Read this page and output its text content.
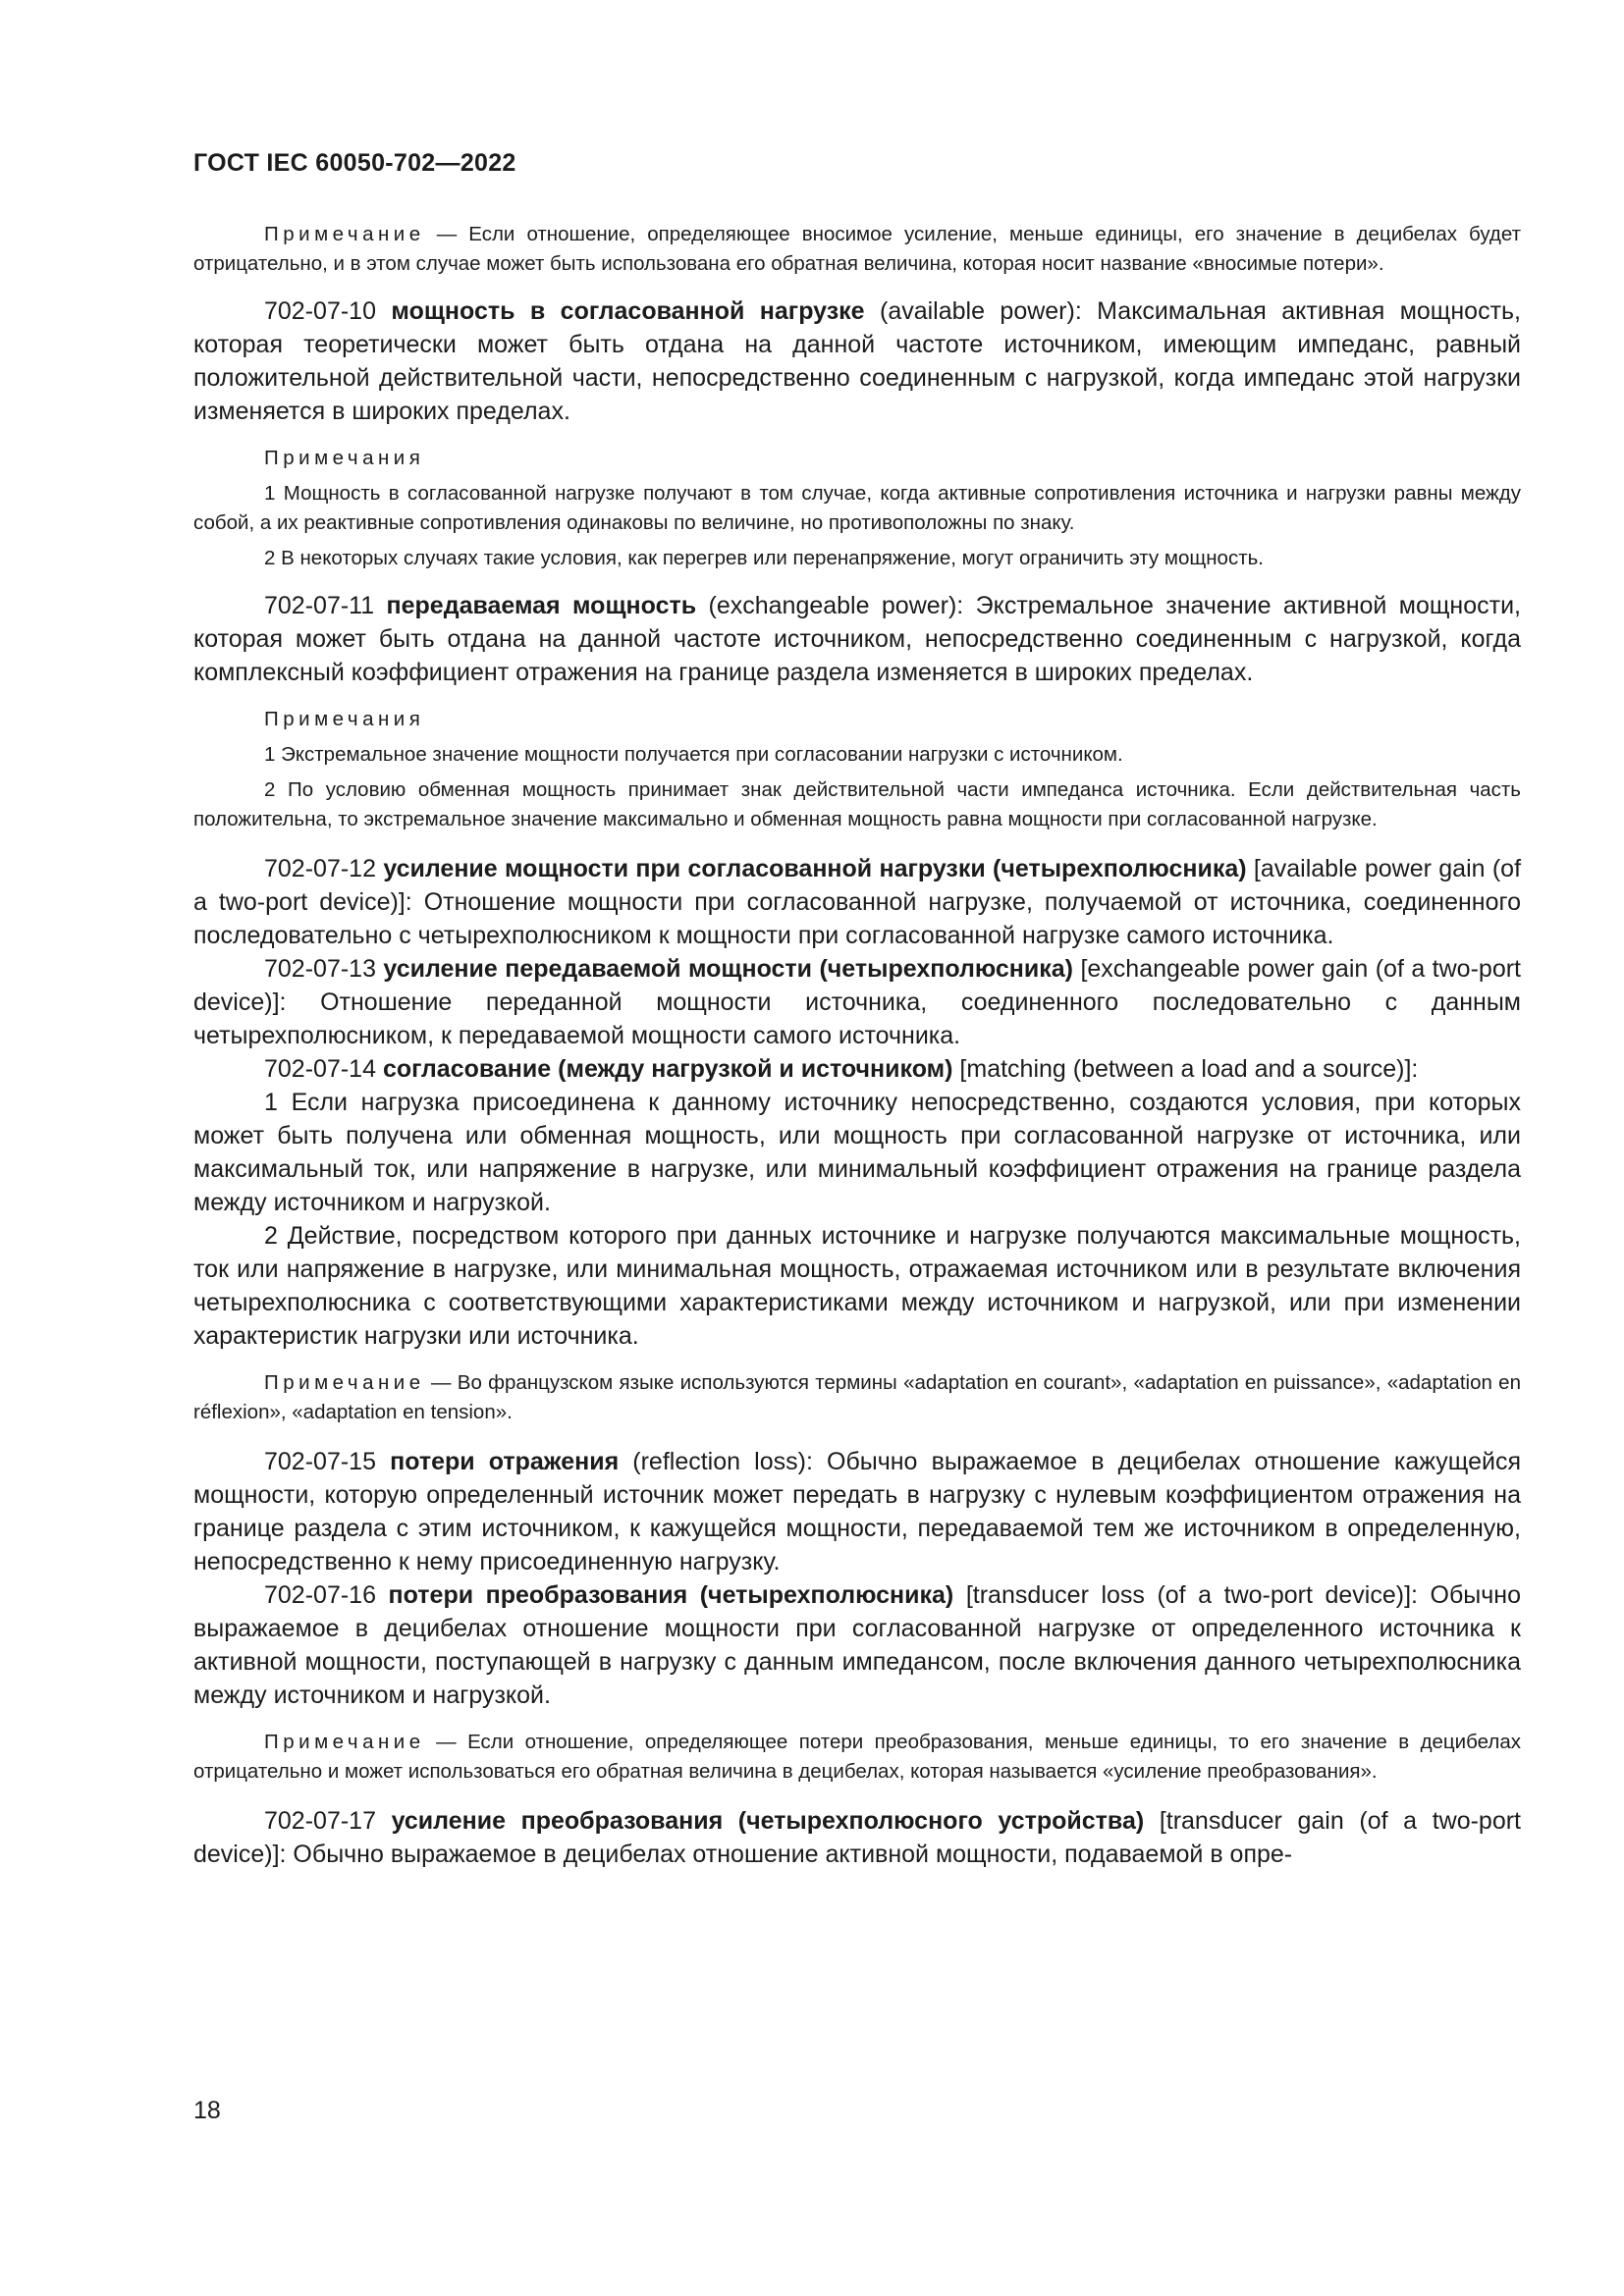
ГОСТ IEC 60050-702—2022

Примечание — Если отношение, определяющее вносимое усиление, меньше единицы, его значение в децибелах будет отрицательно, и в этом случае может быть использована его обратная величина, которая носит название «вносимые потери».

702-07-10 мощность в согласованной нагрузке (available power): Максимальная активная мощность, которая теоретически может быть отдана на данной частоте источником, имеющим импеданс, равный положительной действительной части, непосредственно соединенным с нагрузкой, когда импеданс этой нагрузки изменяется в широких пределах.

Примечания

1 Мощность в согласованной нагрузке получают в том случае, когда активные сопротивления источника и нагрузки равны между собой, а их реактивные сопротивления одинаковы по величине, но противоположны по знаку.

2 В некоторых случаях такие условия, как перегрев или перенапряжение, могут ограничить эту мощность.

702-07-11 передаваемая мощность (exchangeable power): Экстремальное значение активной мощности, которая может быть отдана на данной частоте источником, непосредственно соединенным с нагрузкой, когда комплексный коэффициент отражения на границе раздела изменяется в широких пределах.

Примечания

1 Экстремальное значение мощности получается при согласовании нагрузки с источником.

2 По условию обменная мощность принимает знак действительной части импеданса источника. Если действительная часть положительна, то экстремальное значение максимально и обменная мощность равна мощности при согласованной нагрузке.

702-07-12 усиление мощности при согласованной нагрузки (четырехполюсника) [available power gain (of a two-port device)]: Отношение мощности при согласованной нагрузке, получаемой от источника, соединенного последовательно с четырехполюсником к мощности при согласованной нагрузке самого источника.

702-07-13 усиление передаваемой мощности (четырехполюсника) [exchangeable power gain (of a two-port device)]: Отношение переданной мощности источника, соединенного последовательно с данным четырехполюсником, к передаваемой мощности самого источника.

702-07-14 согласование (между нагрузкой и источником) [matching (between a load and a source)]:

1 Если нагрузка присоединена к данному источнику непосредственно, создаются условия, при которых может быть получена или обменная мощность, или мощность при согласованной нагрузке от источника, или максимальный ток, или напряжение в нагрузке, или минимальный коэффициент отражения на границе раздела между источником и нагрузкой.

2 Действие, посредством которого при данных источнике и нагрузке получаются максимальные мощность, ток или напряжение в нагрузке, или минимальная мощность, отражаемая источником или в результате включения четырехполюсника с соответствующими характеристиками между источником и нагрузкой, или при изменении характеристик нагрузки или источника.

Примечание — Во французском языке используются термины «adaptation en courant», «adaptation en puissance», «adaptation en réflexion», «adaptation en tension».

702-07-15 потери отражения (reflection loss): Обычно выражаемое в децибелах отношение кажущейся мощности, которую определенный источник может передать в нагрузку с нулевым коэффициентом отражения на границе раздела с этим источником, к кажущейся мощности, передаваемой тем же источником в определенную, непосредственно к нему присоединенную нагрузку.

702-07-16 потери преобразования (четырехполюсника) [transducer loss (of a two-port device)]: Обычно выражаемое в децибелах отношение мощности при согласованной нагрузке от определенного источника к активной мощности, поступающей в нагрузку с данным импедансом, после включения данного четырехполюсника между источником и нагрузкой.

Примечание — Если отношение, определяющее потери преобразования, меньше единицы, то его значение в децибелах отрицательно и может использоваться его обратная величина в децибелах, которая называется «усиление преобразования».

702-07-17 усиление преобразования (четырехполюсного устройства) [transducer gain (of a two-port device)]: Обычно выражаемое в децибелах отношение активной мощности, подаваемой в опре-

18
